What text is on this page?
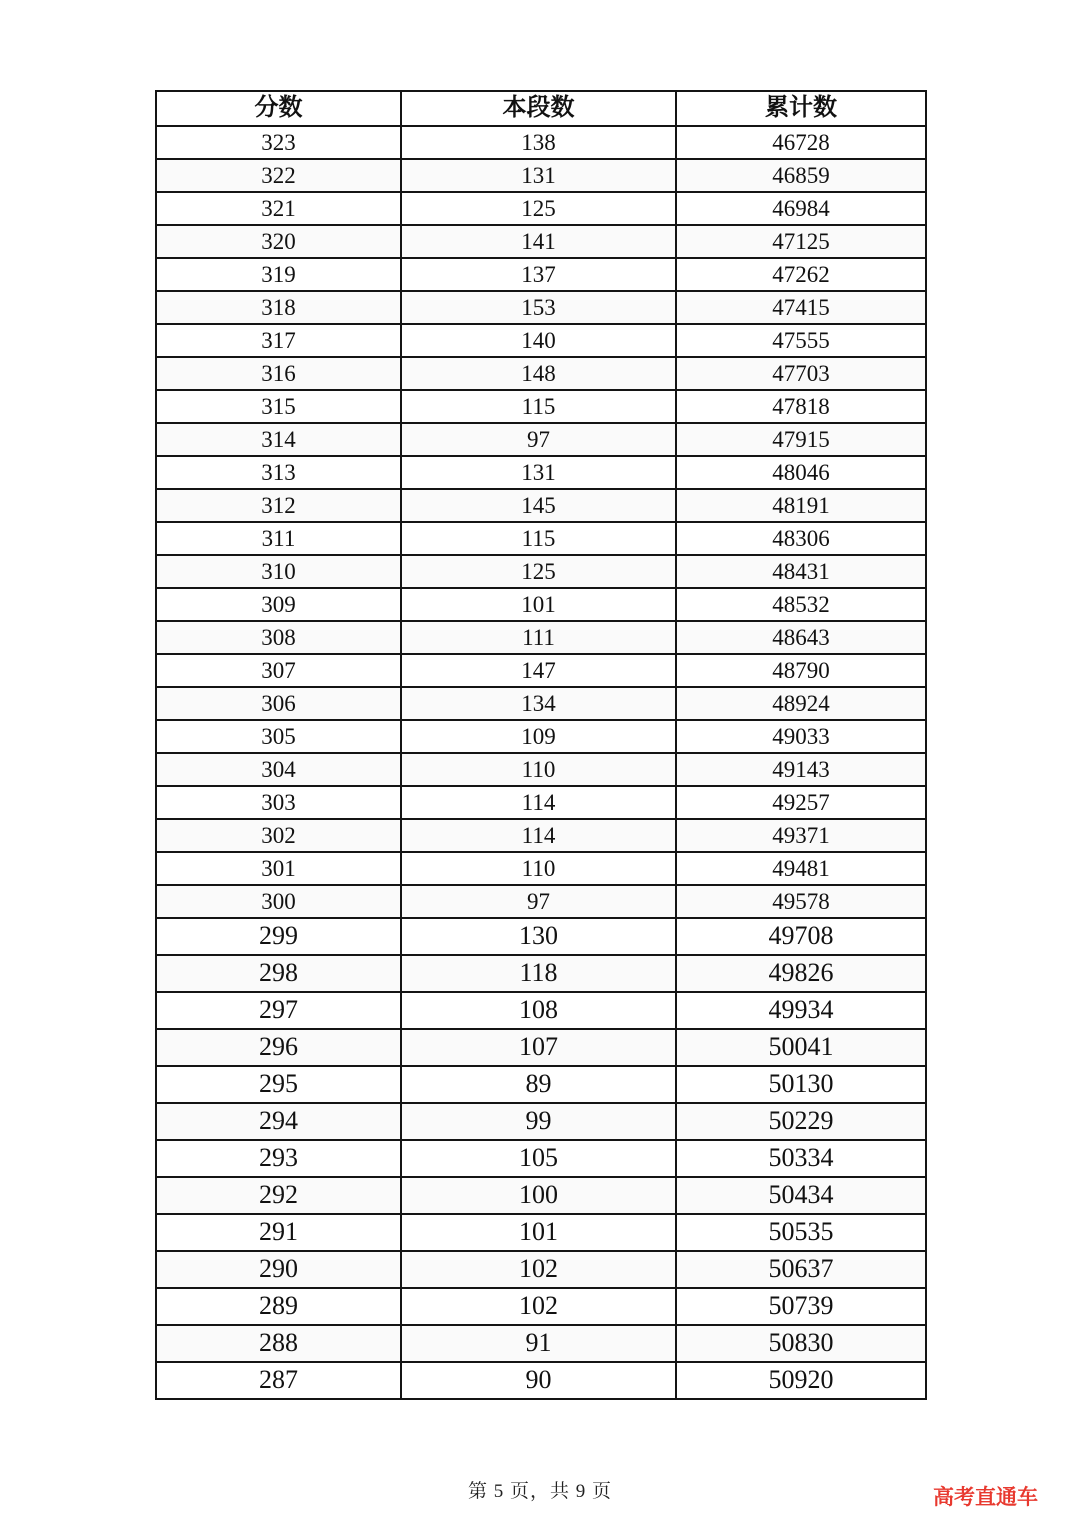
分数	本段数	累计数
323	138	46728
322	131	46859
321	125	46984
320	141	47125
319	137	47262
318	153	47415
317	140	47555
316	148	47703
315	115	47818
314	97	47915
313	131	48046
312	145	48191
311	115	48306
310	125	48431
309	101	48532
308	111	48643
307	147	48790
306	134	48924
305	109	49033
304	110	49143
303	114	49257
302	114	49371
301	110	49481
300	97	49578
299	130	49708
298	118	49826
297	108	49934
296	107	50041
295	89	50130
294	99	50229
293	105	50334
292	100	50434
291	101	50535
290	102	50637
289	102	50739
288	91	50830
287	90	50920
第 5 页，共 9 页	高考直通车
